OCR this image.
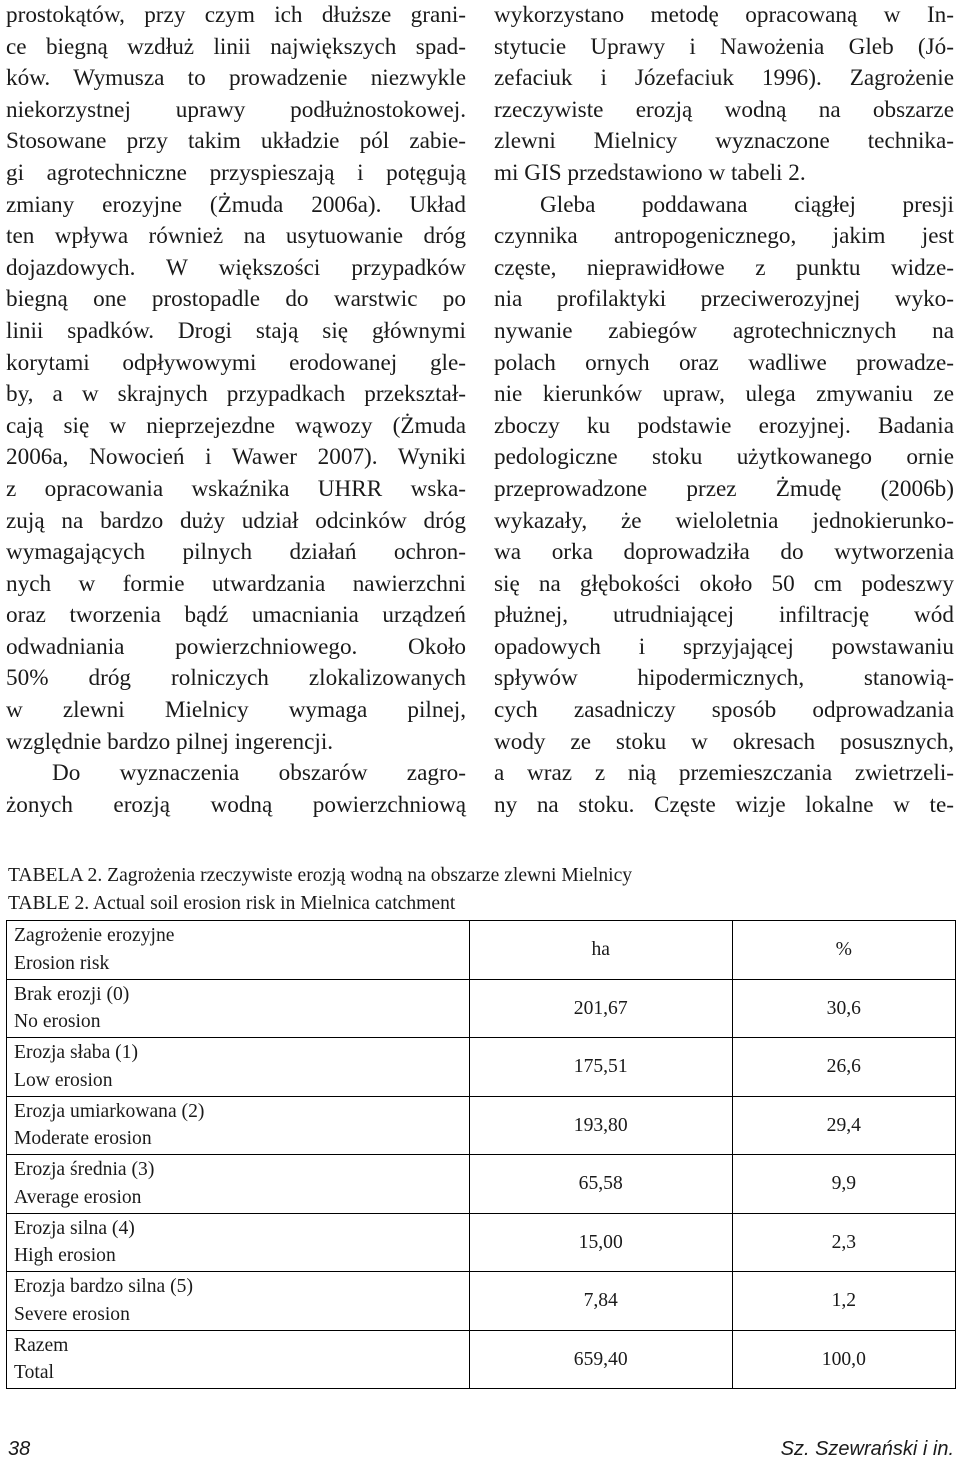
prostokątów, przy czym ich dłuższe grani-
ce biegną wzdłuż linii największych spad-
ków. Wymusza to prowadzenie niezwykle
niekorzystnej uprawy podłużnostokowej.
Stosowane przy takim układzie pól zabie-
gi agrotechniczne przyspieszają i potęgują
zmiany erozyjne (Żmuda 2006a). Układ
ten wpływa również na usytuowanie dróg
dojazdowych. W większości przypadków
biegną one prostopadle do warstwic po
linii spadków. Drogi stają się głównymi
korytami odpływowymi erodowanej gle-
by, a w skrajnych przypadkach przekształ-
cają się w nieprzejezdne wąwozy (Żmuda
2006a, Nowocień i Wawer 2007). Wyniki
z opracowania wskaźnika UHRR wska-
zują na bardzo duży udział odcinków dróg
wymagających pilnych działań ochron-
nych w formie utwardzania nawierzchni
oraz tworzenia bądź umacniania urządzeń
odwadniania powierzchniowego. Około
50% dróg rolniczych zlokalizowanych
w zlewni Mielnicy wymaga pilnej,
względnie bardzo pilnej ingerencji.
Do wyznaczenia obszarów zagro-
żonych erozją wodną powierzchniową
wykorzystano metodę opracowaną w In-
stytucie Uprawy i Nawożenia Gleb (Jó-
zefaciuk i Józefaciuk 1996). Zagrożenie
rzeczywiste erozją wodną na obszarze
zlewni Mielnicy wyznaczone technika-
mi GIS przedstawiono w tabeli 2.
Gleba poddawana ciągłej presji
czynnika antropogenicznego, jakim jest
częste, nieprawidłowe z punktu widze-
nia profilaktyki przeciwerozyjnej wyko-
nywanie zabiegów agrotechnicznych na
polach ornych oraz wadliwe prowadze-
nie kierunków upraw, ulega zmywaniu ze
zboczy ku podstawie erozyjnej. Badania
pedologiczne stoku użytkowanego ornie
przeprowadzone przez Żmudę (2006b)
wykazały, że wieloletnia jednokierunko-
wa orka doprowadziła do wytworzenia
się na głębokości około 50 cm podeszwy
płużnej, utrudniającej infiltrację wód
opadowych i sprzyjającej powstawaniu
spływów hipodermicznych, stanowią-
cych zasadniczy sposób odprowadzania
wody ze stoku w okresach posusznych,
a wraz z nią przemieszczania zwietrzeli-
ny na stoku. Częste wizje lokalne w te-
TABELA 2. Zagrożenia rzeczywiste erozją wodną na obszarze zlewni Mielnicy
TABLE 2. Actual soil erosion risk in Mielnica catchment
Zagrożenie erozyjne
Erosion risk	ha	%

Brak erozji (0)
No erosion	201,67	30,6

Erozja słaba (1)
Low erosion	175,51	26,6

Erozja umiarkowana (2)
Moderate erosion	193,80	29,4

Erozja średnia (3)
Average erosion	65,58	9,9

Erozja silna (4)
High erosion	15,00	2,3

Erozja bardzo silna (5)
Severe erosion	7,84	1,2

Razem
Total	659,40	100,0
38	Sz. Szewrański i in.
